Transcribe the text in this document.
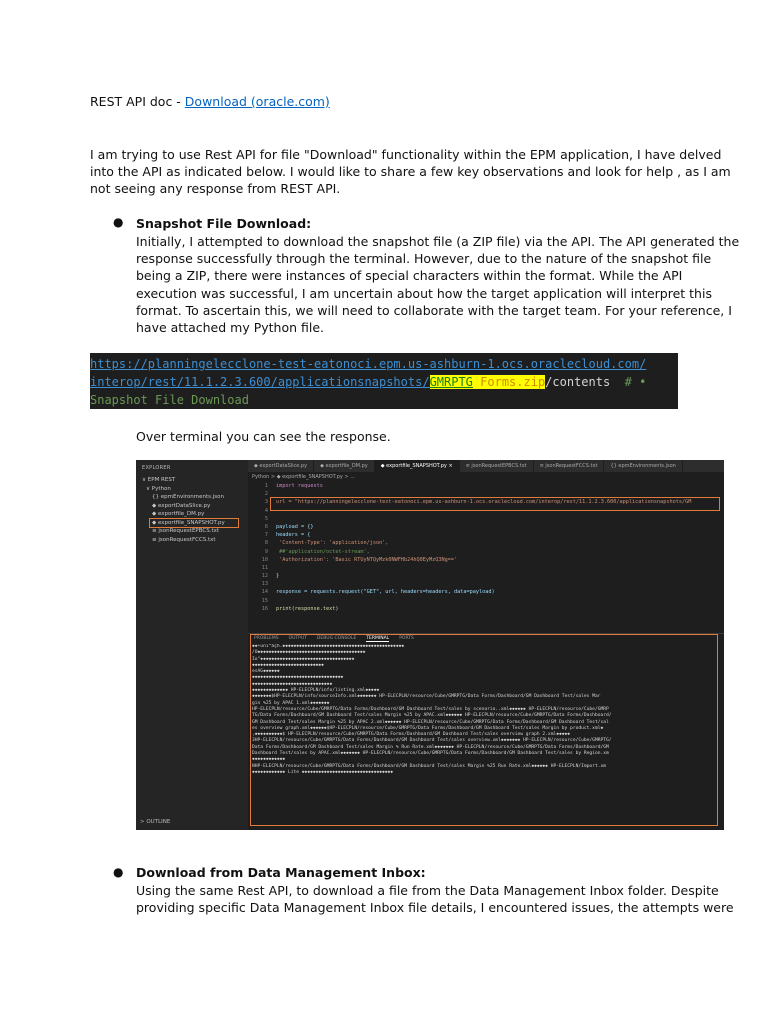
REST API doc - Download (oracle.com)
I am trying to use Rest API for file "Download" functionality within the EPM application, I have delved
into the API as indicated below. I would like to share a few key observations and look for help , as I am
not seeing any response from REST API.
● Snapshot File Download:
Initially, I attempted to download the snapshot file (a ZIP file) via the API. The API generated the
response successfully through the terminal. However, due to the nature of the snapshot file
being a ZIP, there were instances of special characters within the format. While the API
execution was successful, I am uncertain about how the target application will interpret this
format. To ascertain this, we will need to collaborate with the target team. For your reference, I
have attached my Python file.
https://planningelecclone-test-eatonoci.epm.us-ashburn-1.ocs.oraclecloud.com/
interop/rest/11.1.2.3.600/applicationsnapshots/GMRPTG Forms.zip/contents # •
Snapshot File Download
Over terminal you can see the response.
EXPLORER
∨ EPM REST
∨ Python
{} epmEnvironments.json
◆ exportDataSlice.py
◆ exportfile_DM.py
◆ exportfile_SNAPSHOT.py
≡ jsonRequestEPBCS.txt
≡ jsonRequestFCCS.txt
> OUTLINE
◆ exportDataSlice.py	◆ exportfile_DM.py	◆ exportfile_SNAPSHOT.py ×	≡ jsonRequestEPBCS.txt	≡ jsonRequestFCCS.txt	{} epmEnvironments.json
Python > ◆ exportfile_SNAPSHOT.py > ...
1 import requests
2
3 url = "https://planningelecclone-test-eatonoci.epm.us-ashburn-1.ocs.oraclecloud.com/interop/rest/11.1.2.3.600/applicationsnapshots/GM
4
5
6 payload = {}
7 headers = {
8 'Content-Type': 'application/json',
9 ##'application/octet-stream',
10 'Authorization': 'Basic RTUyNTQyMzk0NWFHb24hQ0EyMzQ3Ng=='
11
12 }
13
14 response = requests.request("GET", url, headers=headers, data=payload)
15
16 print(response.text)
PROBLEMS OUTPUT DEBUG CONSOLE TERMINAL PORTS
◆◆+uni^àçh.◆◆◆◆◆◆◆◆◆◆◆◆◆◆◆◆◆◆◆◆◆◆◆◆◆◆◆◆◆◆◆◆◆◆◆◆◆◆◆◆◆◆◆◆
/O◆◆◆◆◆◆◆◆◆◆◆◆◆◆◆◆◆◆◆◆◆◆◆◆◆◆◆◆◆◆◆◆◆◆◆◆◆◆◆
Io"◆◆◆◆◆◆◆◆◆◆◆◆◆◆◆◆◆◆◆◆◆◆◆◆◆◆◆◆◆◆◆◆◆◆
◆◆◆◆◆◆◆◆◆◆◆◆◆◆◆◆◆◆◆◆◆◆◆◆◆◆
esAG◆◆◆◆◆◆
◆◆◆◆◆◆◆◆◆◆◆◆◆◆◆◆◆◆◆◆◆◆◆◆◆◆◆◆◆◆◆◆◆
◆◆◆◆◆◆◆◆◆◆◆◆◆◆◆◆◆◆◆◆◆◆◆◆◆◆◆◆◆
◆◆◆◆◆◆◆◆◆◆◆◆◆ HP-ELECPLN/info/listing.xml◆◆◆◆◆
◆◆◆◆◆◆◆$HP-ELECPLN/info/sourceInfo.xml◆◆◆◆◆◆◆ HP-ELECPLN/resource/Cube/GMRPTG/Data Forms/Dashboard/GM Dashboard Test/sales Mar
gin %25 by APAC 1.xml◆◆◆◆◆◆◆
HP-ELECPLN/resource/Cube/GMRPTG/Data Forms/Dashboard/GM Dashboard Test/sales by scenario..xml◆◆◆◆◆◆ HP-ELECPLN/resource/Cube/GMRP
TG/Data Forms/Dashboard/GM Dashboard Test/sales Margin %25 by APAC.xml◆◆◆◆◆◆ HP-ELECPLN/resource/Cube/GMRPTG/Data Forms/Dashboard/
GM Dashboard Test/sales Margin %25 by APAC 2.xml◆◆◆◆◆◆ HP-ELECPLN/resource/Cube/GMRPTG/Data Forms/Dashboard/GM Dashboard Test/sal
es overview graph.xml◆◆◆◆◆◆$HP-ELECPLN/resource/Cube/GMRPTG/Data Forms/Dashboard/GM Dashboard Test/sales Margin by product.xml◆
,◆◆◆◆◆◆◆◆◆◆$ HP-ELECPLN/resource/Cube/GMRPTG/Data Forms/Dashboard/GM Dashboard Test/sales overview graph 2.xml◆◆◆◆◆
3HP-ELECPLN/resource/Cube/GMRPTG/Data Forms/Dashboard/GM Dashboard Test/sales overview.xml◆◆◆◆◆◆◆ HP-ELECPLN/resource/Cube/GMRPTG/
Data Forms/Dashboard/GM Dashboard Test/sales Margin % Run Rate.xml◆◆◆◆◆◆◆ HP-ELECPLN/resource/Cube/GMRPTG/Data Forms/Dashboard/GM
Dashboard Test/sales by APAC.xml◆◆◆◆◆◆◆ HP-ELECPLN/resource/Cube/GMRPTG/Data Forms/Dashboard/GM Dashboard Test/sales by Region.xm
◆◆◆◆◆◆◆◆◆◆◆◆
NHP-ELECPLN/resource/Cube/GMRPTG/Data Forms/Dashboard/GM Dashboard Test/sales Margin %25 Run Rate.xml◆◆◆◆◆◆ HP-ELECPLN/Import.xm
◆◆◆◆◆◆◆◆◆◆◆◆ Lite ◆◆◆◆◆◆◆◆◆◆◆◆◆◆◆◆◆◆◆◆◆◆◆◆◆◆◆◆◆◆◆◆◆
● Download from Data Management Inbox:
Using the same Rest API, to download a file from the Data Management Inbox folder. Despite
providing specific Data Management Inbox file details, I encountered issues, the attempts were
